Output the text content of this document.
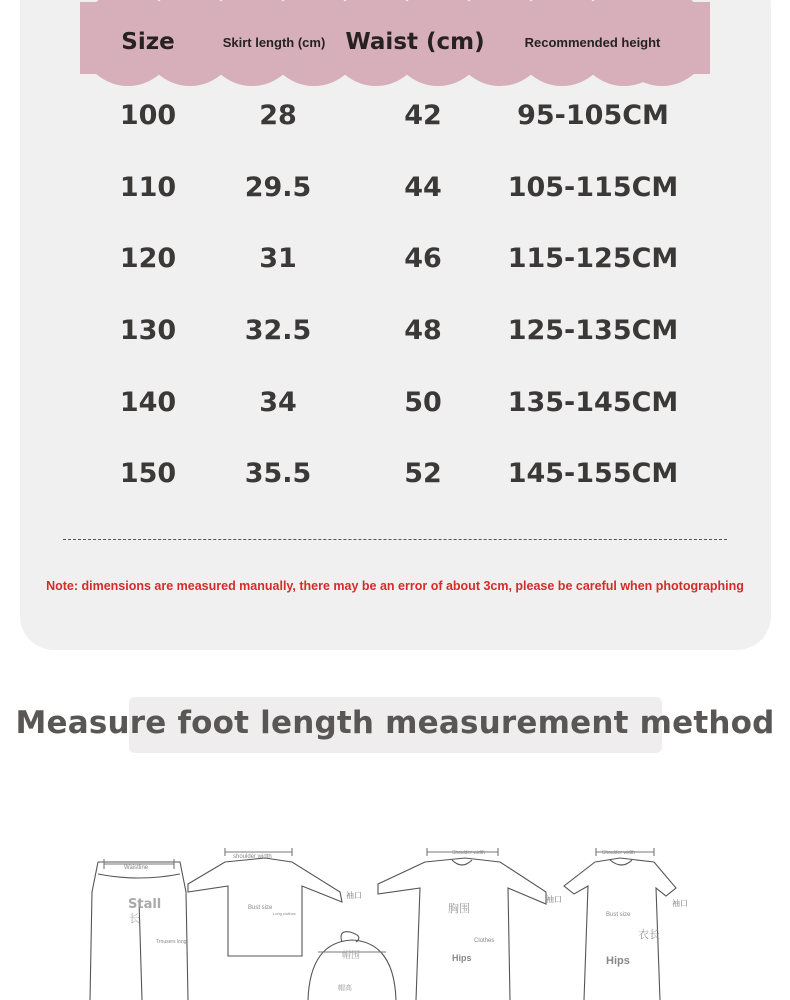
Size	Skirt length (cm) Waist (cm)	Recommended height
100	28	42	95-105CM
110	29.5	44 105-115CM
120	31	46 115-125CM
130	32.5	48 125-135CM
140	34	50 135-145CM
150	35.5	52 145-155CM
Note: dimensions are measured manually, there may be an error of about 3cm, please be careful when photographing
Measure foot length measurement method
Waistline
Stall
长
Trousers long
shoulder width
Bust size
Long clothes
袖口
帽围
帽高
Shoulder width
胸围
Clothes
Hips
袖口
Shoulder width
Bust size
衣长
Hips
袖口
